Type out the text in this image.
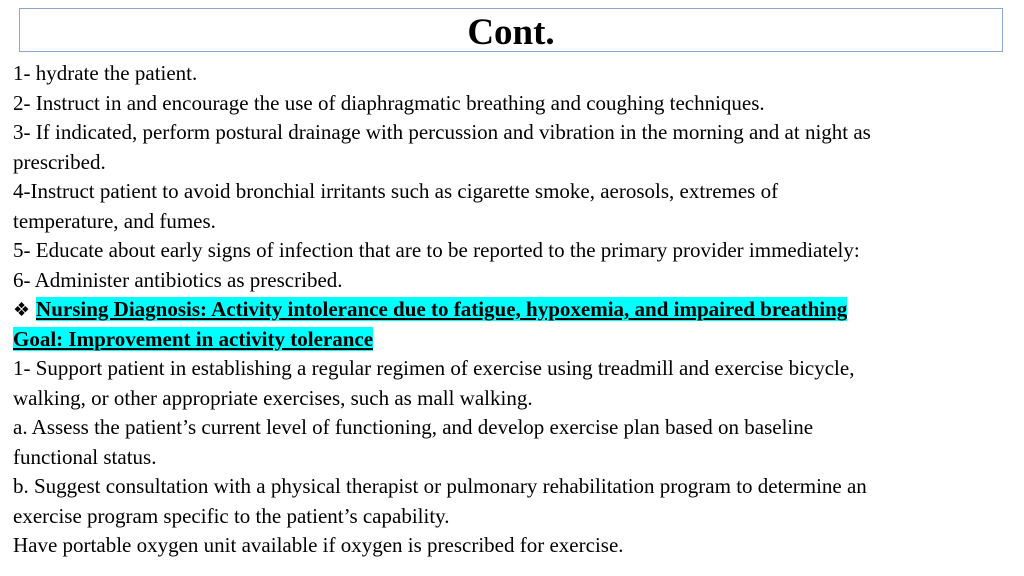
Cont.
1- hydrate the patient.
2- Instruct in and encourage the use of diaphragmatic breathing and coughing techniques.
3- If indicated, perform postural drainage with percussion and vibration in the morning and at night as
prescribed.
4-Instruct patient to avoid bronchial irritants such as cigarette smoke, aerosols, extremes of
temperature, and fumes.
5- Educate about early signs of infection that are to be reported to the primary provider immediately:
6- Administer antibiotics as prescribed.
❖ Nursing Diagnosis: Activity intolerance due to fatigue, hypoxemia, and impaired breathing
Goal: Improvement in activity tolerance
1- Support patient in establishing a regular regimen of exercise using treadmill and exercise bicycle,
walking, or other appropriate exercises, such as mall walking.
a. Assess the patient’s current level of functioning, and develop exercise plan based on baseline
functional status.
b. Suggest consultation with a physical therapist or pulmonary rehabilitation program to determine an
exercise program specific to the patient’s capability.
Have portable oxygen unit available if oxygen is prescribed for exercise.
